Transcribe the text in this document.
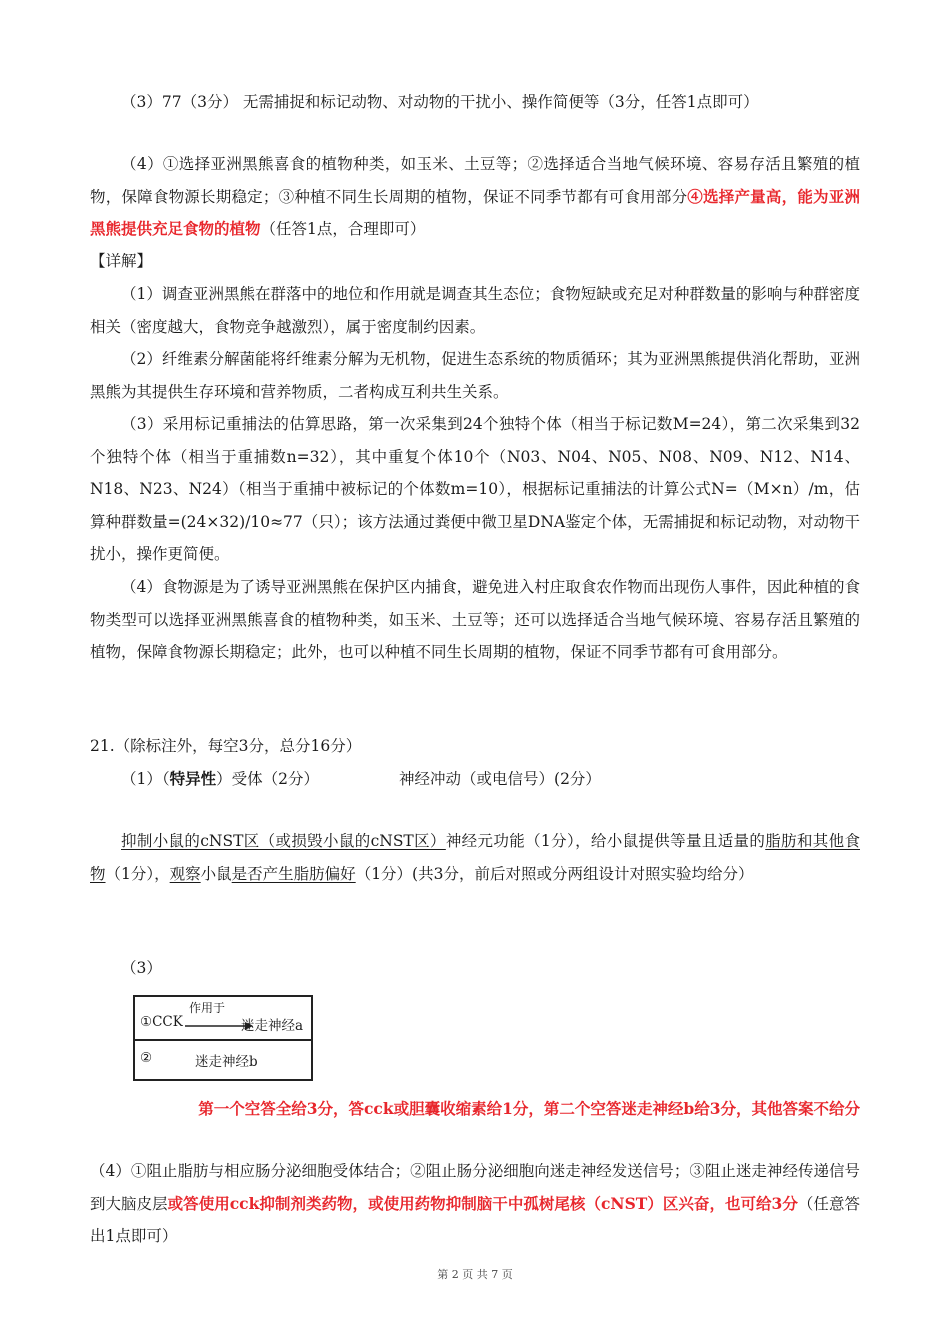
（3）77（3分） 无需捕捉和标记动物、对动物的干扰小、操作简便等（3分，任答1点即可）

（4）①选择亚洲黑熊喜食的植物种类，如玉米、土豆等；②选择适合当地气候环境、容易存活且繁殖的植物，保障食物源长期稳定；③种植不同生长周期的植物，保证不同季节都有可食用部分④选择产量高，能为亚洲黑熊提供充足食物的植物（任答1点，合理即可）

【详解】

（1）调查亚洲黑熊在群落中的地位和作用就是调查其生态位；食物短缺或充足对种群数量的影响与种群密度相关（密度越大，食物竞争越激烈），属于密度制约因素。

（2）纤维素分解菌能将纤维素分解为无机物，促进生态系统的物质循环；其为亚洲黑熊提供消化帮助，亚洲黑熊为其提供生存环境和营养物质，二者构成互利共生关系。

（3）采用标记重捕法的估算思路，第一次采集到24个独特个体（相当于标记数M=24），第二次采集到32个独特个体（相当于重捕数n=32），其中重复个体10个（N03、N04、N05、N08、N09、N12、N14、N18、N23、N24）（相当于重捕中被标记的个体数m=10），根据标记重捕法的计算公式N=（M×n）/m，估算种群数量=(24×32)/10≈77（只）；该方法通过粪便中微卫星DNA鉴定个体，无需捕捉和标记动物，对动物干扰小，操作更简便。

（4）食物源是为了诱导亚洲黑熊在保护区内捕食，避免进入村庄取食农作物而出现伤人事件，因此种植的食物类型可以选择亚洲黑熊喜食的植物种类，如玉米、土豆等；还可以选择适合当地气候环境、容易存活且繁殖的植物，保障食物源长期稳定；此外，也可以种植不同生长周期的植物，保证不同季节都有可食用部分。

21.（除标注外，每空3分，总分16分）

（1）（特异性）受体（2分）	神经冲动（或电信号）(2分）

抑制小鼠的cNST区（或损毁小鼠的cNST区）神经元功能（1分），给小鼠提供等量且适量的脂肪和其他食物（1分），观察小鼠是否产生脂肪偏好（1分）(共3分，前后对照或分两组设计对照实验均给分）

（3）

①CCK
作用于
迷走神经a
②	迷走神经b

第一个空答全给3分，答cck或胆囊收缩素给1分，第二个空答迷走神经b给3分，其他答案不给分

（4）①阻止脂肪与相应肠分泌细胞受体结合；②阻止肠分泌细胞向迷走神经发送信号；③阻止迷走神经传递信号到大脑皮层或答使用cck抑制剂类药物，或使用药物抑制脑干中孤树尾核（cNST）区兴奋，也可给3分（任意答出1点即可）

第 2 页 共 7 页
